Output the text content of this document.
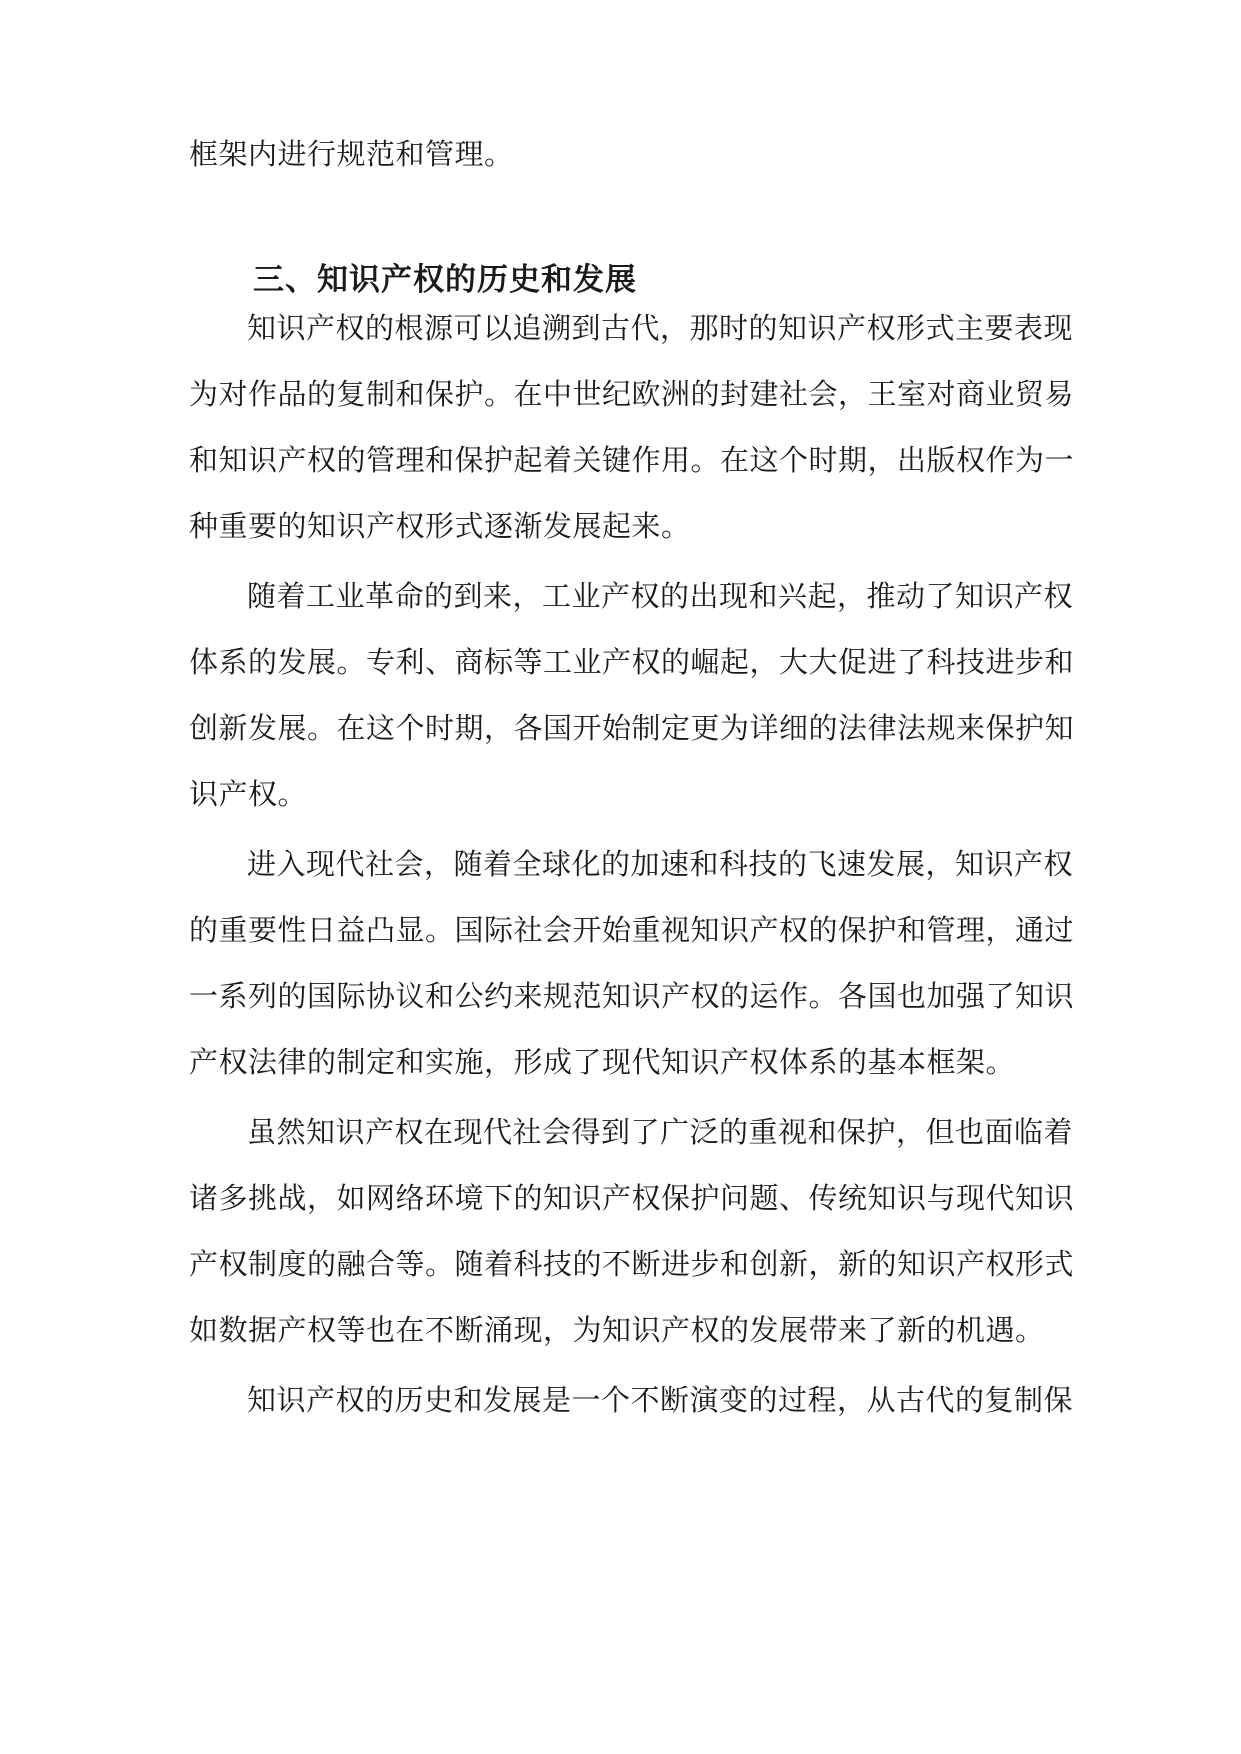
框架内进行规范和管理。
三、知识产权的历史和发展
知识产权的根源可以追溯到古代，那时的知识产权形式主要表现
为对作品的复制和保护。在中世纪欧洲的封建社会，王室对商业贸易
和知识产权的管理和保护起着关键作用。在这个时期，出版权作为一
种重要的知识产权形式逐渐发展起来。
随着工业革命的到来，工业产权的出现和兴起，推动了知识产权
体系的发展。专利、商标等工业产权的崛起，大大促进了科技进步和
创新发展。在这个时期，各国开始制定更为详细的法律法规来保护知
识产权。
进入现代社会，随着全球化的加速和科技的飞速发展，知识产权
的重要性日益凸显。国际社会开始重视知识产权的保护和管理，通过
一系列的国际协议和公约来规范知识产权的运作。各国也加强了知识
产权法律的制定和实施，形成了现代知识产权体系的基本框架。
虽然知识产权在现代社会得到了广泛的重视和保护，但也面临着
诸多挑战，如网络环境下的知识产权保护问题、传统知识与现代知识
产权制度的融合等。随着科技的不断进步和创新，新的知识产权形式
如数据产权等也在不断涌现，为知识产权的发展带来了新的机遇。
知识产权的历史和发展是一个不断演变的过程，从古代的复制保
